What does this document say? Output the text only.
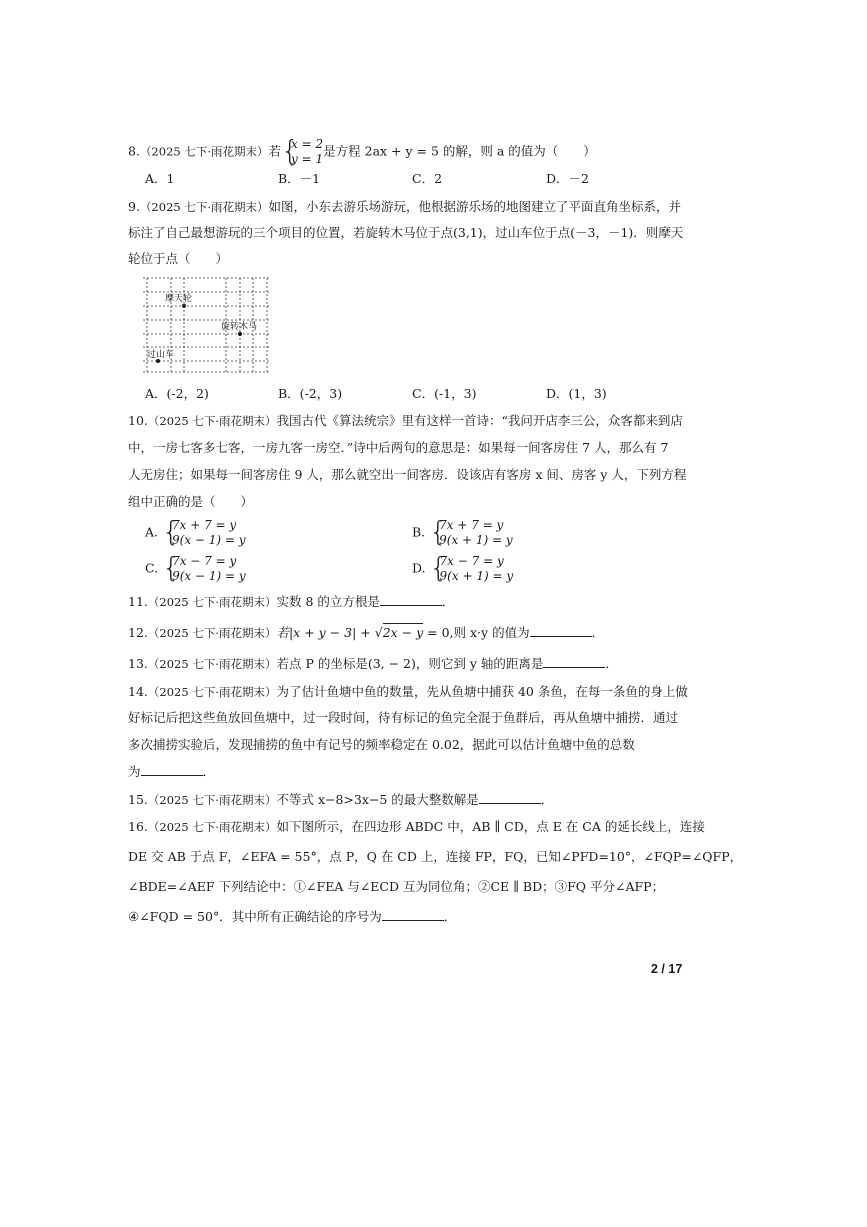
8.（2025 七下·雨花期末）若 {
x = 2
y = 1
是方程 2ax + y = 5 的解，则 a 的值为（　　）
A．1	B．－1	C．2	D．－2
9.（2025 七下·雨花期末）如图，小东去游乐场游玩，他根据游乐场的地图建立了平面直角坐标系，并
标注了自己最想游玩的三个项目的位置，若旋转木马位于点(3,1)，过山车位于点(－3，－1)．则摩天
轮位于点（　　）
摩天轮
旋转木马
过山车
A．(-2，2)	B．(-2，3)	C．(-1，3)	D．(1，3)
10.（2025 七下·雨花期末）我国古代《算法统宗》里有这样一首诗：“我问开店李三公，众客都来到店
中，一房七客多七客，一房九客一房空．”诗中后两句的意思是：如果每一间客房住 7 人，那么有 7
人无房住；如果每一间客房住 9 人，那么就空出一间客房．设该店有客房 x 间、房客 y 人，下列方程
组中正确的是（　　）
A. {
7x + 7 = y
9(x − 1) = y
B. {
7x + 7 = y
9(x + 1) = y
C. {
7x − 7 = y
9(x − 1) = y
D. {
7x − 7 = y
9(x + 1) = y
11.（2025 七下·雨花期末）实数 8 的立方根是	．
12.（2025 七下·雨花期末）若|x + y − 3| + √2x − y = 0,则 x·y 的值为	．
13.（2025 七下·雨花期末）若点 P 的坐标是(3, − 2)，则它到 y 轴的距离是	．
14.（2025 七下·雨花期末）为了估计鱼塘中鱼的数量，先从鱼塘中捕获 40 条鱼，在每一条鱼的身上做
好标记后把这些鱼放回鱼塘中，过一段时间，待有标记的鱼完全混于鱼群后，再从鱼塘中捕捞．通过
多次捕捞实验后，发现捕捞的鱼中有记号的频率稳定在 0.02，据此可以估计鱼塘中鱼的总数
为	．
15.（2025 七下·雨花期末）不等式 x−8>3x−5 的最大整数解是	．
16.（2025 七下·雨花期末）如下图所示，在四边形 ABDC 中，AB ∥ CD，点 E 在 CA 的延长线上，连接
DE 交 AB 于点 F，∠EFA = 55°，点 P，Q 在 CD 上，连接 FP，FQ，已知∠PFD=10°，∠FQP=∠QFP，
∠BDE=∠AEF 下列结论中：①∠FEA 与∠ECD 互为同位角；②CE ∥ BD；③FQ 平分∠AFP；
④∠FQD = 50°．其中所有正确结论的序号为	．
2 / 17
